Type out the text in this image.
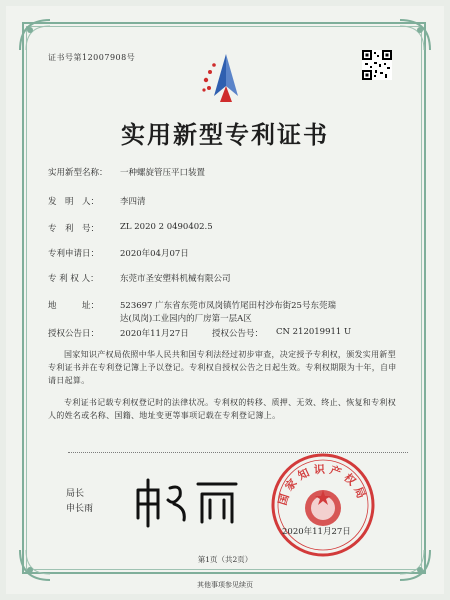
证书号第12007908号
实用新型专利证书
实用新型名称： 一种螺旋管压平口装置
发　明　人： 李四清
专　利　号： ZL 2020 2 0490402.5
专利申请日： 2020年04月07日
专 利 权 人：	东莞市圣安塑料机械有限公司
地　　　址： 523697 广东省东莞市凤岗镇竹尾田村沙布街25号东莞瑞
达(凤岗)工业园内的厂房第一层A区
授权公告日： 2020年11月27日	授权公告号： CN 212019911 U
国家知识产权局依照中华人民共和国专利法经过初步审查，决定授予专利权，颁发实用新型专利证书并在专利登记簿上予以登记。专利权自授权公告之日起生效。专利权期限为十年，自申请日起算。
专利证书记载专利权登记时的法律状况。专利权的转移、质押、无效、终止、恢复和专利权人的姓名或名称、国籍、地址变更等事项记载在专利登记簿上。
局长
申长雨
国家知识产权局
2020年11月27日
第1页（共2页）
其他事项参见续页
